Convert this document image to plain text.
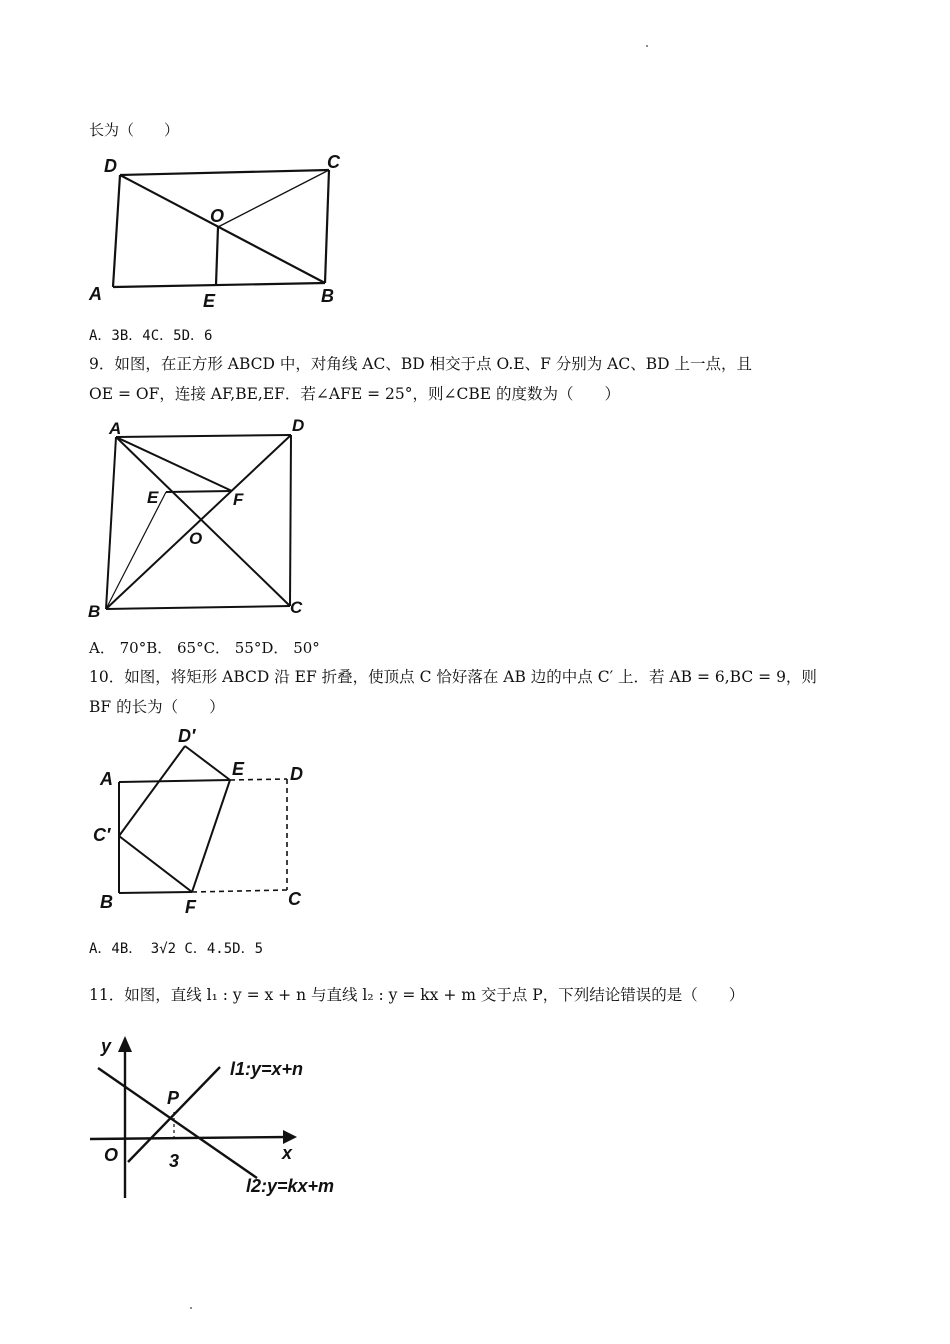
长为（　　）
D	C
O
A	E	B
A．3B．4C．5D．6
9．如图，在正方形 ABCD 中，对角线 AC、BD 相交于点 O.E、F 分别为 AC、BD 上一点，且
OE = OF，连接 AF,BE,EF．若∠AFE = 25°，则∠CBE 的度数为（　　）
A	D
E	F
O
B	C
A． 70°B． 65°C． 55°D． 50°
10．如图，将矩形 ABCD 沿 EF 折叠，使顶点 C 恰好落在 AB 边的中点 C′ 上．若 AB = 6,BC = 9，则
BF 的长为（　　）
D′
A	E	D
C′
B	F	C
A．4B． 3√2 C．4.5D．5
11．如图，直线 l₁ : y = x + n 与直线 l₂ : y = kx + m 交于点 P，下列结论错误的是（　　）
y
x
O
P
3
l1:y=x+n
l2:y=kx+m
